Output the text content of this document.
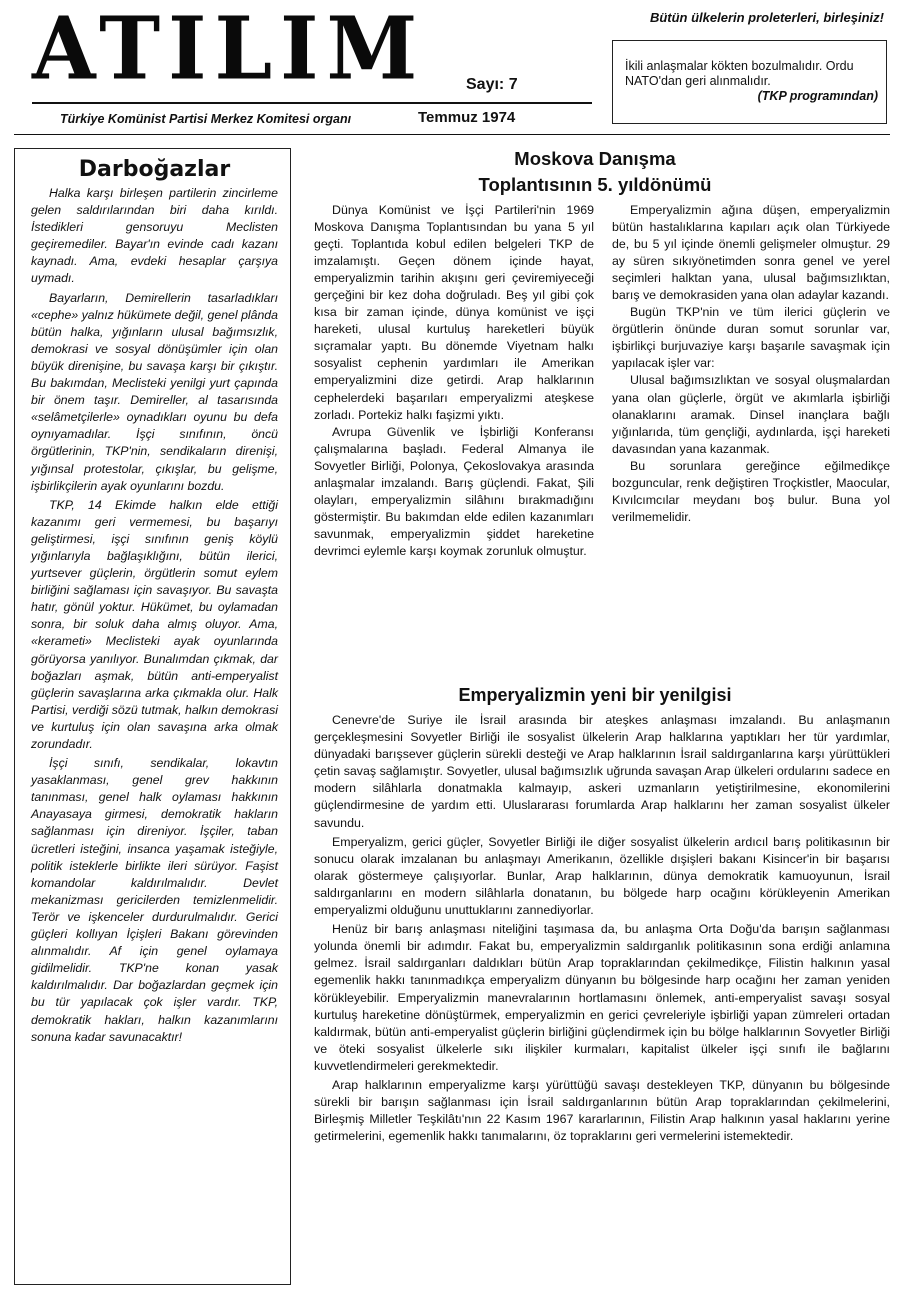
ATILIM	Bütün ülkelerin proleterleri, birleşiniz!
İkili anlaşmalar kökten bozulmalıdır. Ordu NATO'dan geri alınmalıdır.
(TKP programından)
Sayı: 7
Türkiye Komünist Partisi Merkez Komitesi organı	Temmuz 1974
Darboğazlar

Halka karşı birleşen partilerin zincirleme gelen saldırılarından biri daha kırıldı. İstedikleri gensoruyu Meclisten geçiremediler. Bayar'ın evinde cadı kazanı kaynadı. Ama, evdeki hesaplar çarşıya uymadı.

Bayarların, Demirellerin tasarladıkları «cephe» yalnız hükümete değil, genel plânda bütün halka, yığınların ulusal bağımsızlık, demokrasi ve sosyal dönüşümler için olan büyük direnişine, bu savaşa karşı bir çıkıştır. Bu bakımdan, Meclisteki yenilgi yurt çapında bir önem taşır. Demireller, al tasarısında «selâmetçilerle» oynadıkları oyunu bu defa oynıyamadılar. İşçi sınıfının, öncü örgütlerinin, TKP'nin, sendikaların direnişi, yığınsal protestolar, çıkışlar, bu gelişme, işbirlikçilerin ayak oyunlarını bozdu.

TKP, 14 Ekimde halkın elde ettiği kazanımı geri vermemesi, bu başarıyı geliştirmesi, işçi sınıfının geniş köylü yığınlarıyla bağlaşıklığını, bütün ilerici, yurtsever güçlerin, örgütlerin somut eylem birliğini sağlaması için savaşıyor. Bu savaşta hatır, gönül yoktur. Hükümet, bu oylamadan sonra, bir soluk daha almış oluyor. Ama, «kerameti» Meclisteki ayak oyunlarında görüyorsa yanılıyor. Bunalımdan çıkmak, dar boğazları aşmak, bütün anti-emperyalist güçlerin savaşlarına arka çıkmakla olur. Halk Partisi, verdiği sözü tutmak, halkın demokrasi ve kurtuluş için olan savaşına arka olmak zorundadır.

İşçi sınıfı, sendikalar, lokavtın yasaklanması, genel grev hakkının tanınması, genel halk oylaması hakkının Anayasaya girmesi, demokratik hakların sağlanması için direniyor. İşçiler, taban ücretleri isteğini, insanca yaşamak isteğiyle, politik isteklerle birlikte ileri sürüyor. Faşist komandolar kaldırılmalıdır. Devlet mekanizması gericilerden temizlenmelidir. Terör ve işkenceler durdurulmalıdır. Gerici güçleri kollıyan İçişleri Bakanı görevinden alınmalıdır. Af için genel oylamaya gidilmelidir. TKP'ne konan yasak kaldırılmalıdır. Dar boğazlardan geçmek için bu tür yapılacak çok işler vardır. TKP, demokratik hakları, halkın kazanımlarını sonuna kadar savunacaktır!

Moskova Danışma
Toplantısının 5. yıldönümü

Dünya Komünist ve İşçi Partileri'nin 1969 Moskova Danışma Toplantısından bu yana 5 yıl geçti. Toplantıda kobul edilen belgeleri TKP de imzalamıştı. Geçen dönem içinde hayat, emperyalizmin tarihin akışını geri çeviremiyeceği gerçeğini bir kez doha doğruladı. Beş yıl gibi çok kısa bir zaman içinde, dünya komünist ve işçi hareketi, ulusal kurtuluş hareketleri büyük sıçramalar yaptı. Bu dönemde Viyetnam halkı sosyalist cephenin yardımları ile Amerikan emperyalizmini dize getirdi. Arap halklarının cephelerdeki başarıları emperyalizmi ateşkese zorladı. Portekiz halkı faşizmi yıktı.

Avrupa Güvenlik ve İşbirliği Konferansı çalışmalarına başladı. Federal Almanya ile Sovyetler Birliği, Polonya, Çekoslovakya arasında anlaşmalar imzalandı. Barış güçlendi. Fakat, Şili olayları, emperyalizmin silâhını bırakmadığını göstermiştir. Bu bakımdan elde edilen kazanımları savunmak, emperyalizmin şiddet hareketine devrimci eylemle karşı koymak zorunluk olmuştur.

Emperyalizmin ağına düşen, emperyalizmin bütün hastalıklarına kapıları açık olan Türkiyede de, bu 5 yıl içinde önemli gelişmeler olmuştur. 29 ay süren sıkıyönetimden sonra genel ve yerel seçimleri halktan yana, ulusal bağımsızlıktan, barış ve demokrasiden yana olan adaylar kazandı.

Bugün TKP'nin ve tüm ilerici güçlerin ve örgütlerin önünde duran somut sorunlar var, işbirlikçi burjuvaziye karşı başarıle savaşmak için yapılacak işler var:

Ulusal bağımsızlıktan ve sosyal oluşmalardan yana olan güçlerle, örgüt ve akımlarla işbirliği olanaklarını aramak. Dinsel inançlara bağlı yığınlarıda, tüm gençliği, aydınlarda, işçi hareketi davasından yana kazanmak.

Bu sorunlara gereğince eğilmedikçe bozguncular, renk değiştiren Troçkistler, Maocular, Kıvılcımcılar meydanı boş bulur. Buna yol verilmemelidir.

Emperyalizmin yeni bir yenilgisi

Cenevre'de Suriye ile İsrail arasında bir ateşkes anlaşması imzalandı. Bu anlaşmanın gerçekleşmesini Sovyetler Birliği ile sosyalist ülkelerin Arap halklarına yaptıkları her tür yardımlar, dünyadaki barışsever güçlerin sürekli desteği ve Arap halklarının İsrail saldırganlarına karşı yürüttükleri çetin savaş sağlamıştır. Sovyetler, ulusal bağımsızlık uğrunda savaşan Arap ülkeleri ordularını sadece en modern silâhlarla donatmakla kalmayıp, askeri uzmanların yetiştirilmesine, ekonomilerini güçlendirmesine de yardım etti. Uluslararası forumlarda Arap halklarını her zaman sosyalist ülkeler savundu.

Emperyalizm, gerici güçler, Sovyetler Birliği ile diğer sosyalist ülkelerin ardıcıl barış politikasının bir sonucu olarak imzalanan bu anlaşmayı Amerikanın, özellikle dışişleri bakanı Kisincer'in bir başarısı olarak göstermeye çalışıyorlar. Bunlar, Arap halklarının, dünya demokratik kamuoyunun, İsrail saldırganlarını en modern silâhlarla donatanın, bu bölgede harp ocağını körükleyenin Amerikan emperyalizmi olduğunu unuttuklarını zannediyorlar.

Henüz bir barış anlaşması niteliğini taşımasa da, bu anlaşma Orta Doğu'da barışın sağlanması yolunda önemli bir adımdır. Fakat bu, emperyalizmin saldırganlık politikasının sona erdiği anlamına gelmez. İsrail saldırganları daldıkları bütün Arap topraklarından çekilmedikçe, Filistin halkının yasal egemenlik hakkı tanınmadıkça emperyalizm dünyanın bu bölgesinde harp ocağını her zaman yeniden körükleyebilir. Emperyalizmin manevralarının hortlamasını önlemek, anti-emperyalist savaşı sosyal kurtuluş hareketine dönüştürmek, emperyalizmin en gerici çevreleriyle işbirliği yapan zümreleri ortadan kaldırmak, bütün anti-emperyalist güçlerin birliğini güçlendirmek için bu bölge halklarının Sovyetler Birliği ve öteki sosyalist ülkelerle sıkı ilişkiler kurmaları, kapitalist ülkeler işçi sınıfı ile bağlarını kuvvetlendirmeleri gerekmektedir.

Arap halklarının emperyalizme karşı yürüttüğü savaşı destekleyen TKP, dünyanın bu bölgesinde sürekli bir barışın sağlanması için İsrail saldırganlarının bütün Arap topraklarından çekilmelerini, Birleşmiş Milletler Teşkilâtı'nın 22 Kasım 1967 kararlarının, Filistin Arap halkının yasal haklarını yerine getirmelerini, egemenlik hakkı tanımalarını, öz topraklarını geri vermelerini istemektedir.
